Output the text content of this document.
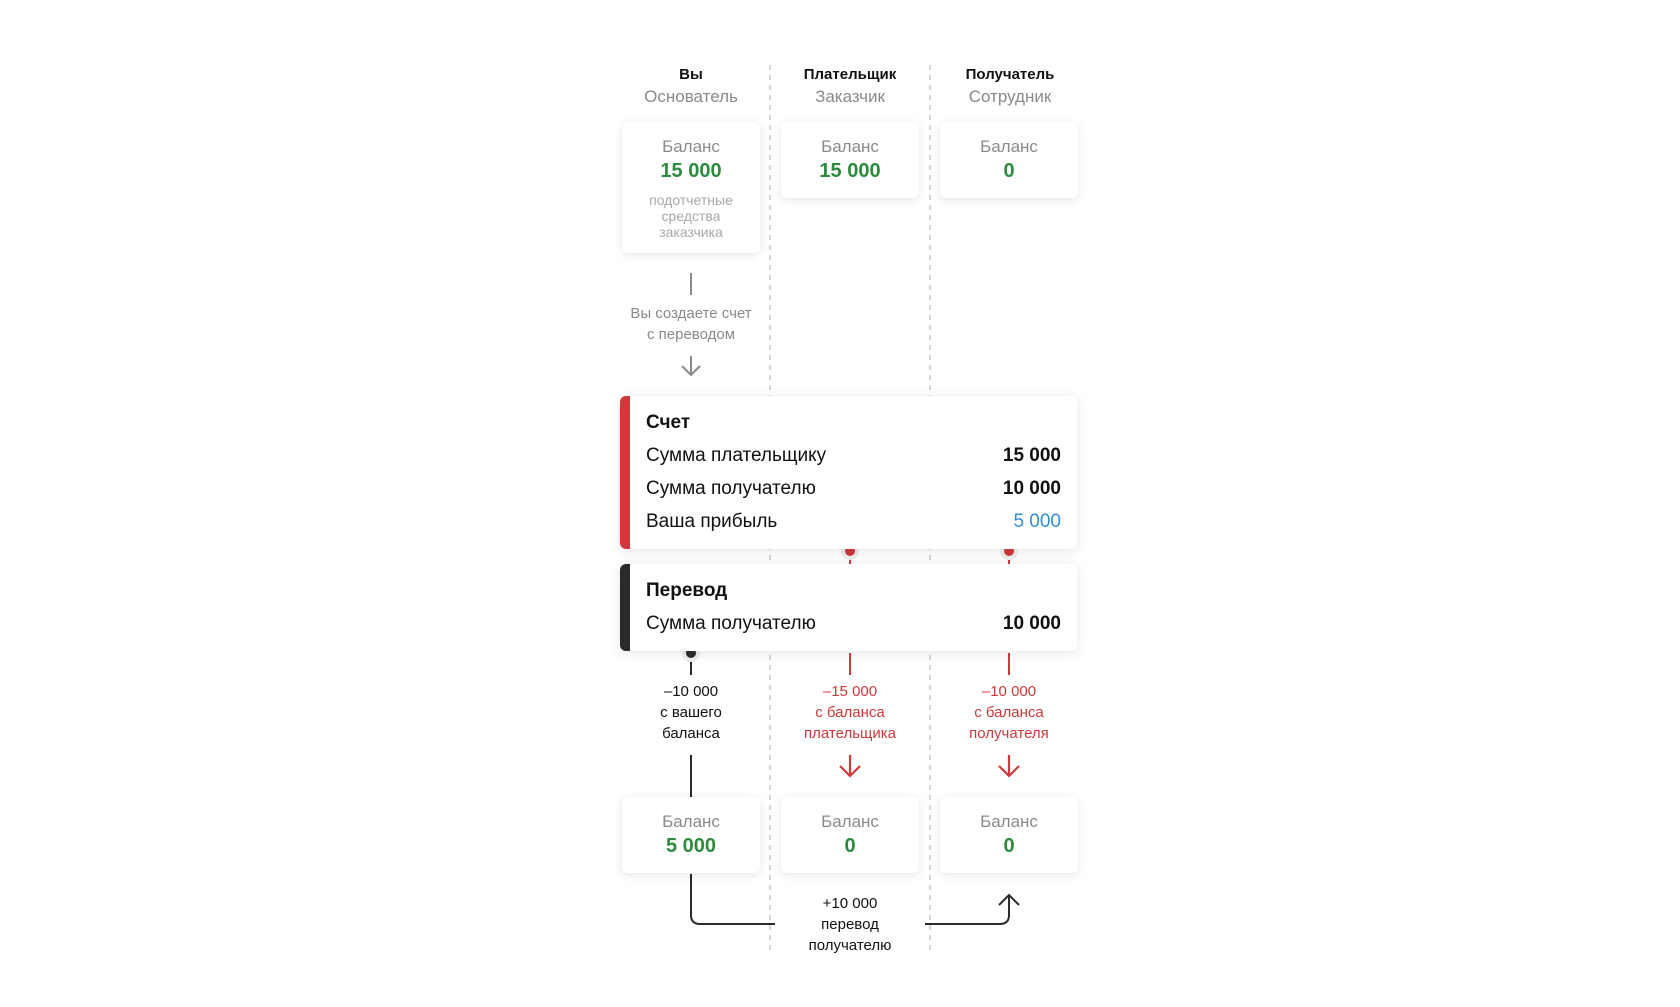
Вы
Основатель
Плательщик
Заказчик
Получатель
Сотрудник
Баланс
15 000
подотчетные средства заказчика
Баланс
15 000
Баланс
0
Вы создаете счет
с переводом
Счет
Сумма плательщику	15 000
Сумма получателю	10 000
Ваша прибыль	5 000
Перевод
Сумма получателю	10 000
–10 000
с вашего
баланса
–15 000
с баланса
плательщика
–10 000
с баланса
получателя
Баланс
5 000
Баланс
0
Баланс
0
+10 000
перевод
получателю
